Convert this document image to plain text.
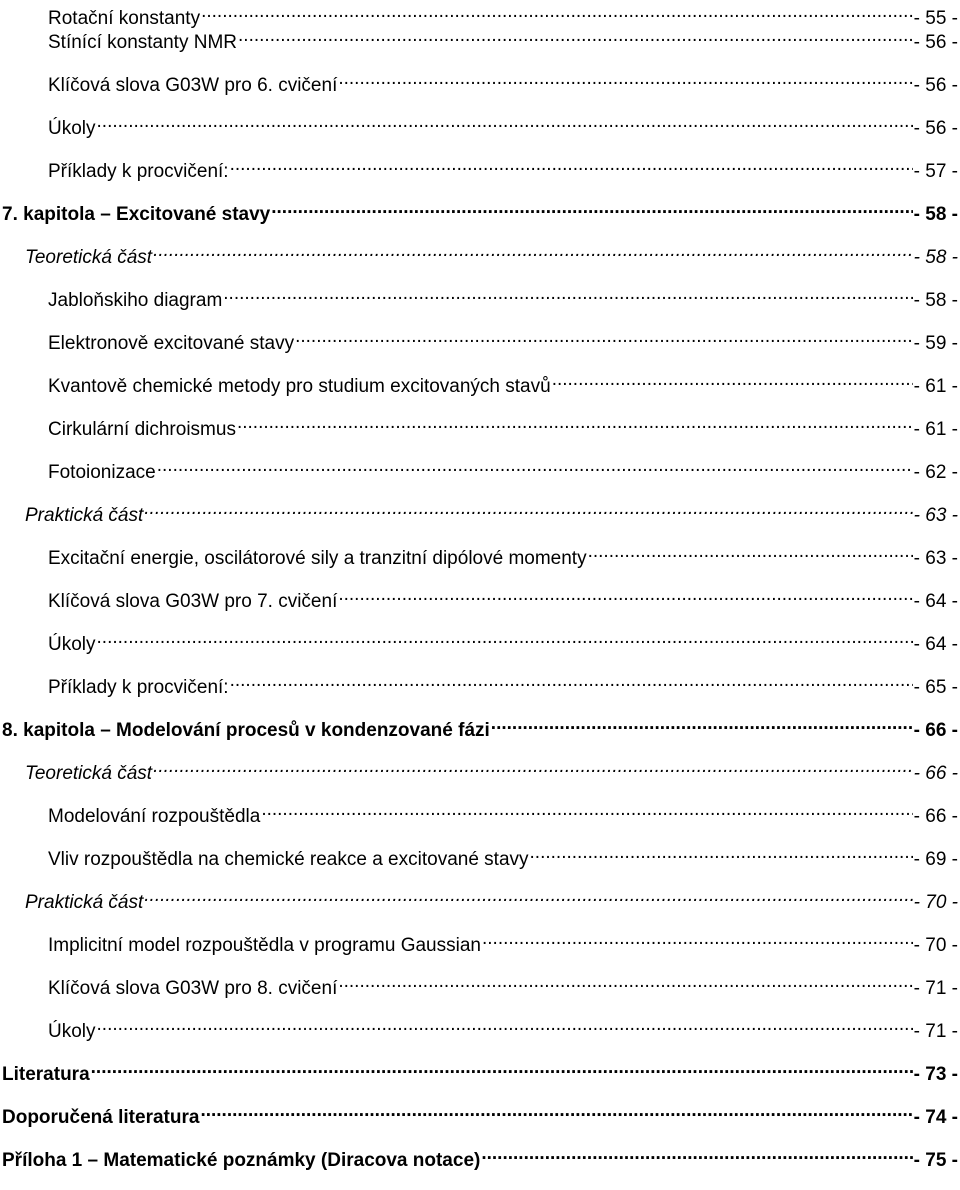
Rotační konstanty .....	- 55 -
Stínící konstanty NMR .....	- 56 -
Klíčová slova G03W pro 6. cvičení .....	- 56 -
Úkoly .....	- 56 -
Příklady k procvičení: .....	- 57 -
7. kapitola – Excitované stavy .....	- 58 -
Teoretická část .....	- 58 -
Jabloňskiho diagram .....	- 58 -
Elektronově excitované stavy .....	- 59 -
Kvantově chemické metody pro studium excitovaných stavů .....	- 61 -
Cirkulární dichroismus .....	- 61 -
Fotoionizace .....	- 62 -
Praktická část .....	- 63 -
Excitační energie, oscilátorové sily a tranzitní dipólové momenty .....	- 63 -
Klíčová slova G03W pro 7. cvičení .....	- 64 -
Úkoly .....	- 64 -
Příklady k procvičení: .....	- 65 -
8. kapitola – Modelování procesů v kondenzované fázi .....	- 66 -
Teoretická část .....	- 66 -
Modelování rozpouštědla .....	- 66 -
Vliv rozpouštědla na chemické reakce a excitované stavy .....	- 69 -
Praktická část .....	- 70 -
Implicitní model rozpouštědla v programu Gaussian .....	- 70 -
Klíčová slova G03W pro 8. cvičení .....	- 71 -
Úkoly .....	- 71 -
Literatura .....	- 73 -
Doporučená literatura .....	- 74 -
Příloha 1 – Matematické poznámky (Diracova notace) .....	- 75 -
